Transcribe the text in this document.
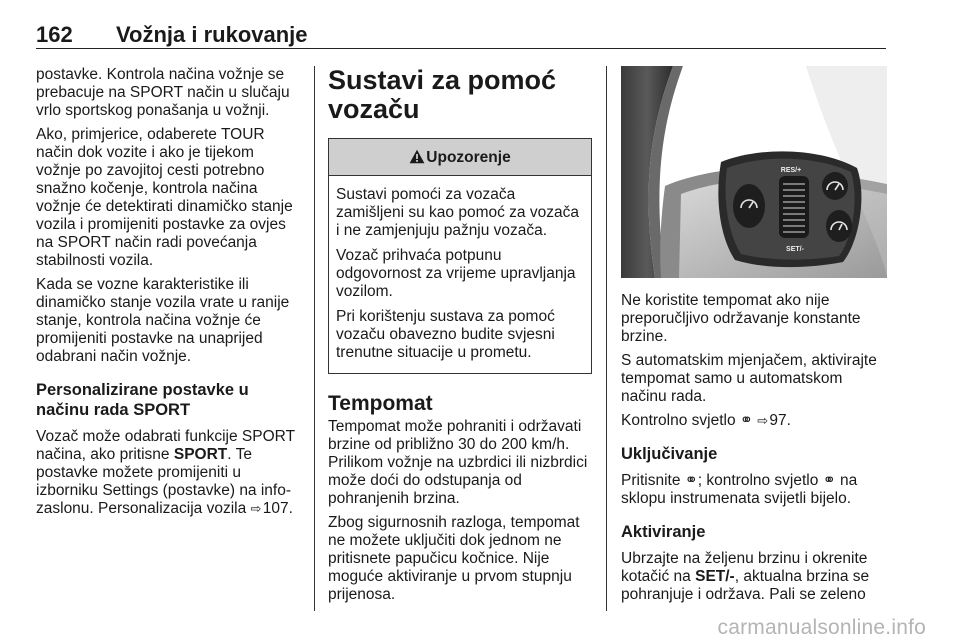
162 Vožnja i rukovanje

postavke. Kontrola načina vožnje se prebacuje na SPORT način u slučaju vrlo sportskog ponašanja u vožnji.

Ako, primjerice, odaberete TOUR način dok vozite i ako je tijekom vožnje po zavojitoj cesti potrebno snažno kočenje, kontrola načina vožnje će detektirati dinamičko stanje vozila i promijeniti postavke za ovjes na SPORT način radi povećanja stabilnosti vozila.

Kada se vozne karakteristike ili dinamičko stanje vozila vrate u ranije stanje, kontrola načina vožnje će promijeniti postavke na unaprijed odabrani način vožnje.

Personalizirane postavke u načinu rada SPORT

Vozač može odabrati funkcije SPORT načina, ako pritisne SPORT. Te postavke možete promijeniti u izborniku Settings (postavke) na info-zaslonu. Personalizacija vozila ⇨ 107.

Sustavi za pomoć vozaču
Upozorenje

Sustavi pomoći za vozača zamišljeni su kao pomoć za vozača i ne zamjenjuju pažnju vozača.

Vozač prihvaća potpunu odgovornost za vrijeme upravljanja vozilom.

Pri korištenju sustava za pomoć vozaču obavezno budite svjesni trenutne situacije u prometu.

Tempomat

Tempomat može pohraniti i održavati brzine od približno 30 do 200 km/h. Prilikom vožnje na uzbrdici ili nizbrdici može doći do odstupanja od pohranjenih brzina.

Zbog sigurnosnih razloga, tempomat ne možete uključiti dok jednom ne pritisnete papučicu kočnice. Nije moguće aktiviranje u prvom stupnju prijenosa.

RES/+
SET/-

Ne koristite tempomat ako nije preporučljivo održavanje konstante brzine.

S automatskim mjenjačem, aktivirajte tempomat samo u automatskom načinu rada.

Kontrolno svjetlo ⚭ ⇨ 97.

Uključivanje

Pritisnite ⚭; kontrolno svjetlo ⚭ na sklopu instrumenata svijetli bijelo.

Aktiviranje

Ubrzajte na željenu brzinu i okrenite kotačić na SET/-, aktualna brzina se pohranjuje i održava. Pali se zeleno

carmanualsonline.info
